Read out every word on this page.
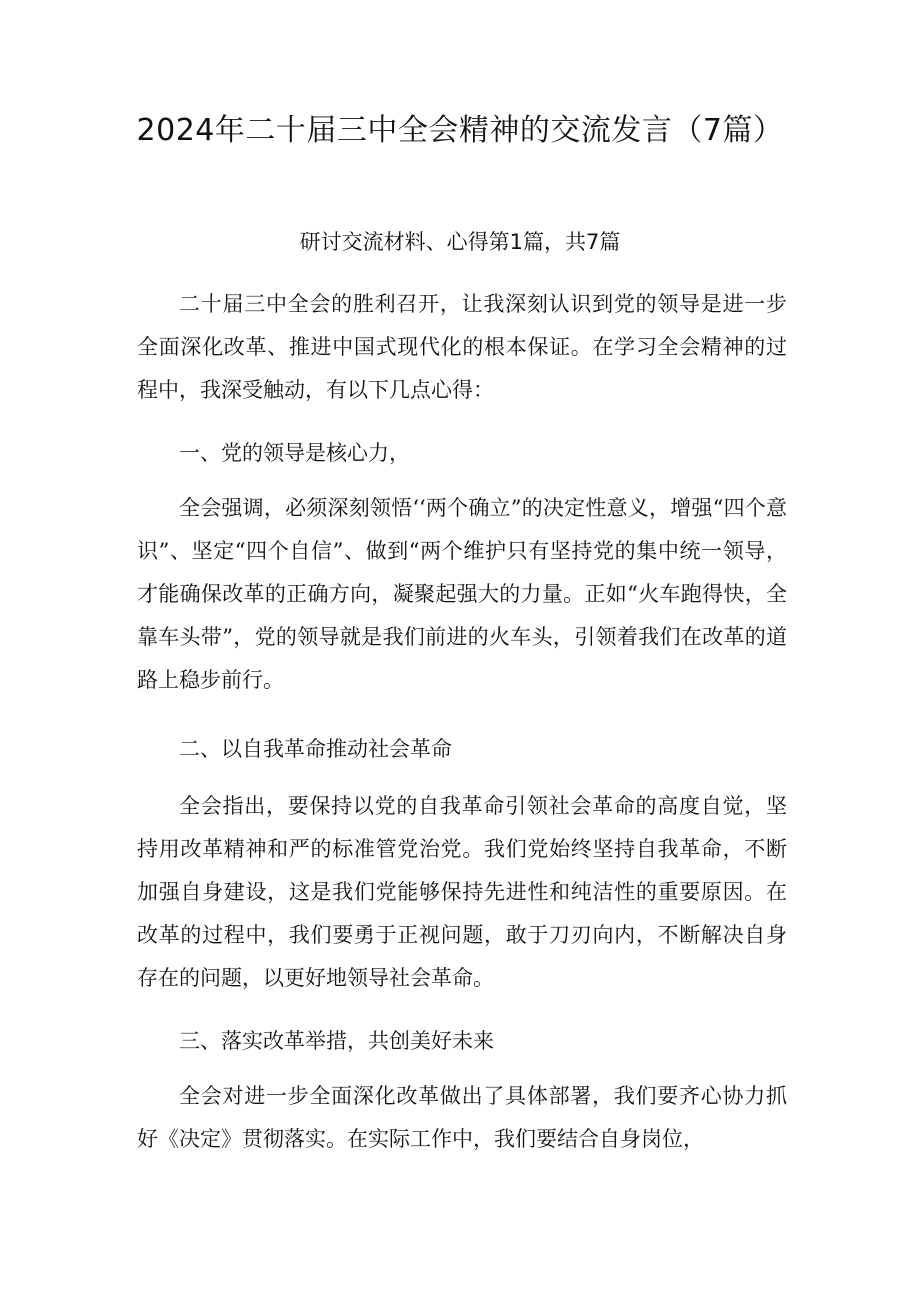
2024年二十届三中全会精神的交流发言（7篇）
研讨交流材料、心得第1篇，共7篇

二十届三中全会的胜利召开，让我深刻认识到党的领导是进一步全面深化改革、推进中国式现代化的根本保证。在学习全会精神的过程中，我深受触动，有以下几点心得：

一、党的领导是核心力，

全会强调，必须深刻领悟‘‘两个确立”的决定性意义，增强“四个意识”、坚定“四个自信”、做到“两个维护只有坚持党的集中统一领导，才能确保改革的正确方向，凝聚起强大的力量。正如“火车跑得快，全靠车头带”，党的领导就是我们前进的火车头，引领着我们在改革的道路上稳步前行。

二、以自我革命推动社会革命

全会指出，要保持以党的自我革命引领社会革命的高度自觉，坚持用改革精神和严的标准管党治党。我们党始终坚持自我革命，不断加强自身建设，这是我们党能够保持先进性和纯洁性的重要原因。在改革的过程中，我们要勇于正视问题，敢于刀刃向内，不断解决自身存在的问题，以更好地领导社会革命。

三、落实改革举措，共创美好未来

全会对进一步全面深化改革做出了具体部署，我们要齐心协力抓好《决定》贯彻落实。在实际工作中，我们要结合自身岗位，
